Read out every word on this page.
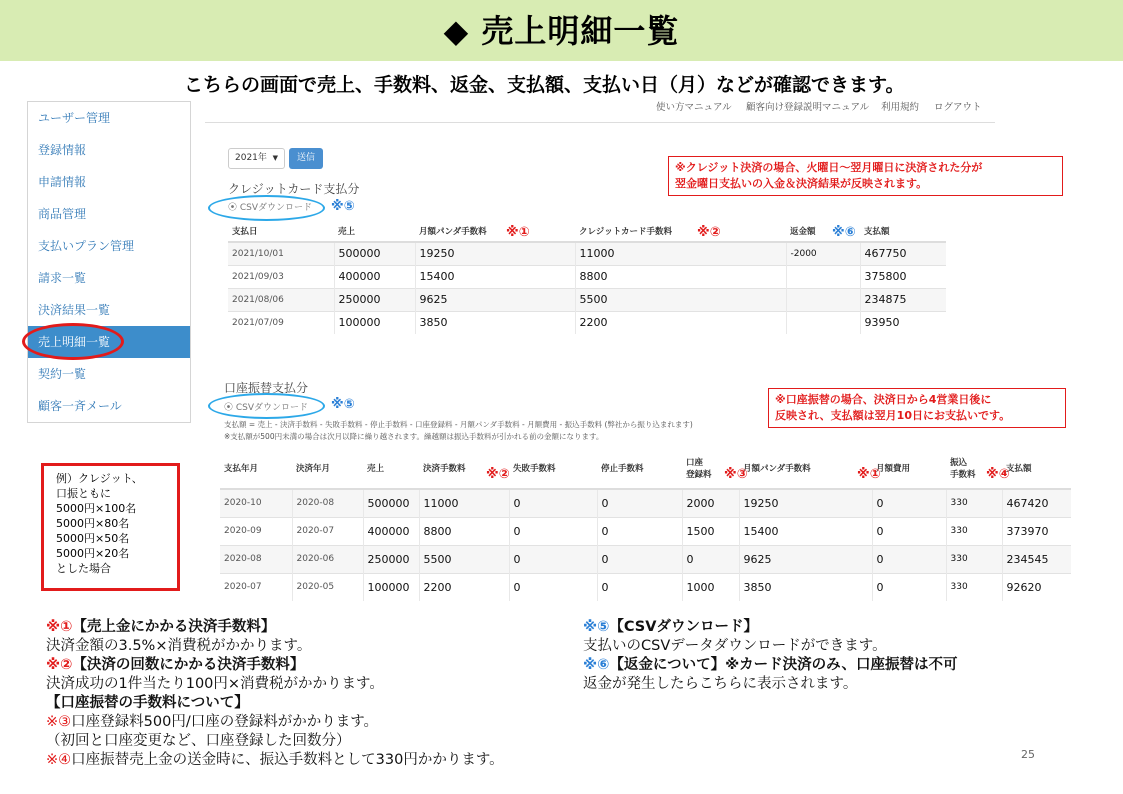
◆ 売上明細一覧
こちらの画面で売上、手数料、返金、支払額、支払い日（月）などが確認できます。
使い方マニュアル 顧客向け登録説明マニュアル 利用規約 ログアウト
ユーザー管理
登録情報
申請情報
商品管理
支払いプラン管理
請求一覧
決済結果一覧
売上明細一覧
契約一覧
顧客一斉メール
2021年 ▼	送信
クレジットカード支払分
⦿ CSVダウンロード ※⑤
支払日	売上	月額パンダ手数料	クレジットカード手数料	返金額	支払額
2021/10/01	500000	19250	11000	-2000	467750
2021/09/03	400000	15400	8800		375800
2021/08/06	250000	9625	5500		234875
2021/07/09	100000	3850	2200		93950
※①	※②	※⑥
※クレジット決済の場合、火曜日～翌月曜日に決済された分が
翌金曜日支払いの入金＆決済結果が反映されます。
口座振替支払分
⦿ CSVダウンロード ※⑤
支払額 = 売上 - 決済手数料 - 失敗手数料 - 停止手数料 - 口座登録料 - 月額パンダ手数料 - 月額費用 - 振込手数料 (弊社から振り込まれます)
※支払額が500円未満の場合は次月以降に繰り越されます。繰越額は振込手数料が引かれる前の金額になります。
※口座振替の場合、決済日から4営業日後に
反映され、支払額は翌月10日にお支払いです。
支払年月	決済年月	売上	決済手数料	失敗手数料	停止手数料	口座
登録料	月額パンダ手数料	月額費用	振込
手数料	支払額
2020-10	2020-08	500000	11000	0	0	2000	19250	0	330	467420
2020-09	2020-07	400000	8800	0	0	1500	15400	0	330	373970
2020-08	2020-06	250000	5500	0	0	0	9625	0	330	234545
2020-07	2020-05	100000	2200	0	0	1000	3850	0	330	92620
※②	※③	※①	※④
例）クレジット、
口振ともに
5000円×100名
5000円×80名
5000円×50名
5000円×20名
とした場合
※①【売上金にかかる決済手数料】
決済金額の3.5%×消費税がかかります。
※②【決済の回数にかかる決済手数料】
決済成功の1件当たり100円×消費税がかかります。
【口座振替の手数料について】
※③口座登録料500円/口座の登録料がかかります。
（初回と口座変更など、口座登録した回数分）
※④口座振替売上金の送金時に、振込手数料として330円かかります。
※⑤【CSVダウンロード】
支払いのCSVデータダウンロードができます。
※⑥【返金について】※カード決済のみ、口座振替は不可
返金が発生したらこちらに表示されます。
25
